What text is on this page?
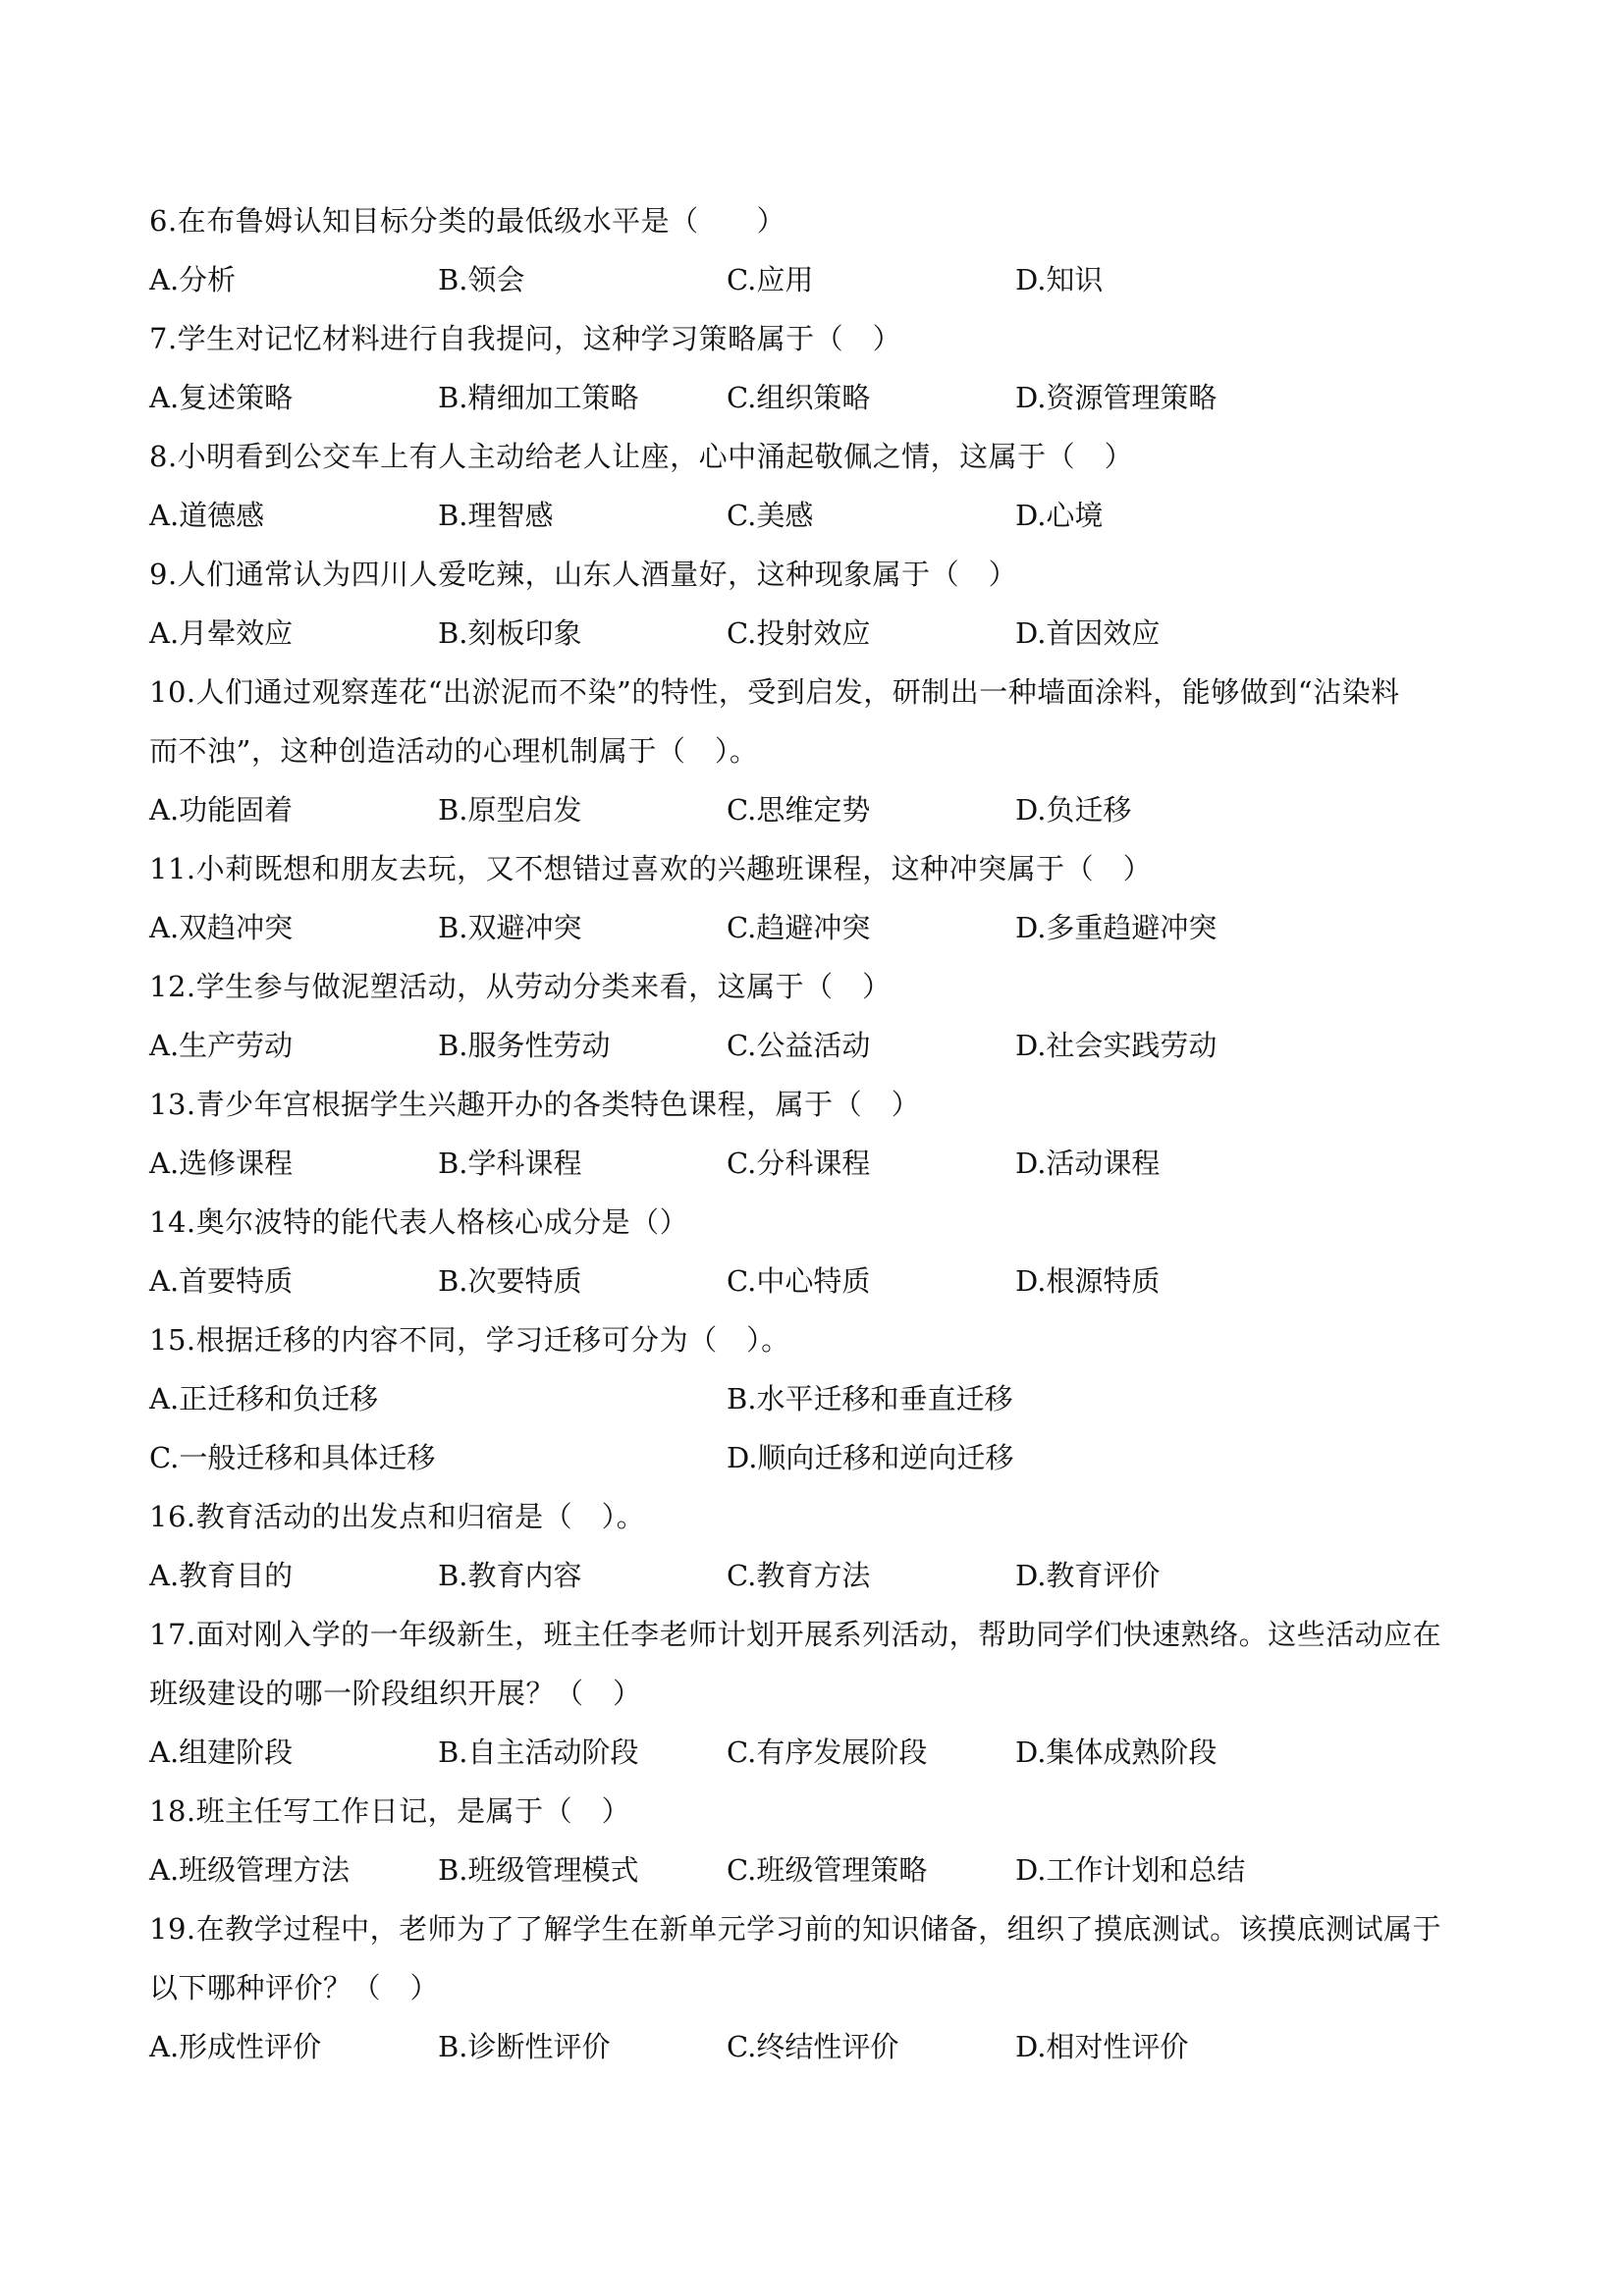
6.在布鲁姆认知目标分类的最低级水平是（　　）
A.分析	B.领会	C.应用	D.知识
7.学生对记忆材料进行自我提问，这种学习策略属于（　）
A.复述策略	B.精细加工策略	C.组织策略	D.资源管理策略
8.小明看到公交车上有人主动给老人让座，心中涌起敬佩之情，这属于（　）
A.道德感	B.理智感	C.美感	D.心境
9.人们通常认为四川人爱吃辣，山东人酒量好，这种现象属于（　）
A.月晕效应	B.刻板印象	C.投射效应	D.首因效应
10.人们通过观察莲花“出淤泥而不染”的特性，受到启发，研制出一种墙面涂料，能够做到“沾染料
而不浊”，这种创造活动的心理机制属于（　）。
A.功能固着	B.原型启发	C.思维定势	D.负迁移
11.小莉既想和朋友去玩，又不想错过喜欢的兴趣班课程，这种冲突属于（　）
A.双趋冲突	B.双避冲突	C.趋避冲突	D.多重趋避冲突
12.学生参与做泥塑活动，从劳动分类来看，这属于（　）
A.生产劳动	B.服务性劳动	C.公益活动	D.社会实践劳动
13.青少年宫根据学生兴趣开办的各类特色课程，属于（　）
A.选修课程	B.学科课程	C.分科课程	D.活动课程
14.奥尔波特的能代表人格核心成分是（）
A.首要特质	B.次要特质	C.中心特质	D.根源特质
15.根据迁移的内容不同，学习迁移可分为（　）。
A.正迁移和负迁移	B.水平迁移和垂直迁移
C.一般迁移和具体迁移	D.顺向迁移和逆向迁移
16.教育活动的出发点和归宿是（　）。
A.教育目的	B.教育内容	C.教育方法	D.教育评价
17.面对刚入学的一年级新生，班主任李老师计划开展系列活动，帮助同学们快速熟络。这些活动应在
班级建设的哪一阶段组织开展？（　）
A.组建阶段	B.自主活动阶段	C.有序发展阶段	D.集体成熟阶段
18.班主任写工作日记，是属于（　）
A.班级管理方法	B.班级管理模式	C.班级管理策略	D.工作计划和总结
19.在教学过程中，老师为了了解学生在新单元学习前的知识储备，组织了摸底测试。该摸底测试属于
以下哪种评价？（　）
A.形成性评价	B.诊断性评价	C.终结性评价	D.相对性评价
